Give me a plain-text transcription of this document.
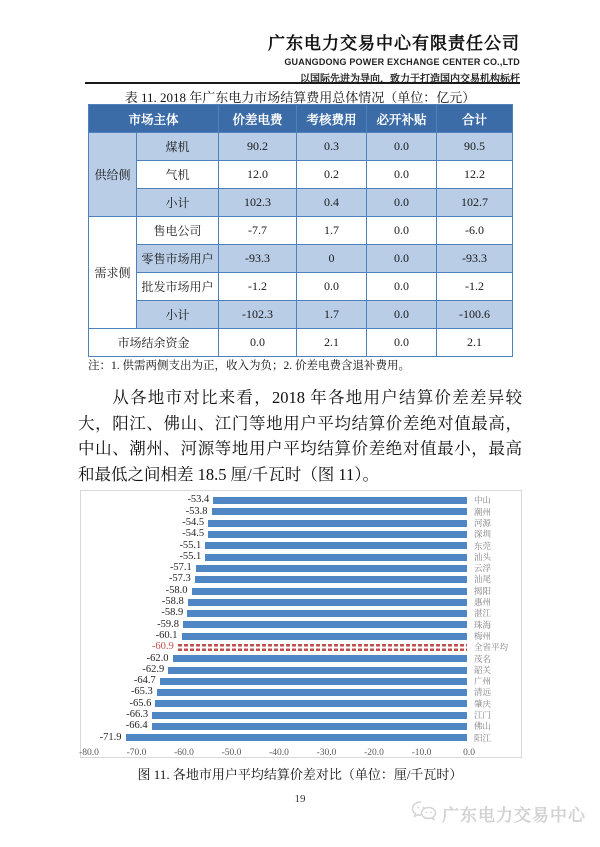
广东电力交易中心有限责任公司
GUANGDONG POWER EXCHANGE CENTER CO.,LTD
以国际先进为导向，致力于打造国内交易机构标杆
表 11. 2018 年广东电力市场结算费用总体情况（单位：亿元）
市场主体		价差电费	考核费用	必开补贴	合计
供给侧	煤机	90.2	0.3	0.0	90.5
	气机	12.0	0.2	0.0	12.2
	小计	102.3	0.4	0.0	102.7
需求侧	售电公司	-7.7	1.7	0.0	-6.0
	零售市场用户	-93.3	0	0.0	-93.3
	批发市场用户	-1.2	0.0	0.0	-1.2
	小计	-102.3	1.7	0.0	-100.6
市场结余资金		0.0	2.1	0.0	2.1
注：1. 供需两侧支出为正，收入为负；2. 价差电费含退补费用。
从各地市对比来看，2018 年各地用户结算价差差异较大，阳江、佛山、江门等地用户平均结算价差绝对值最高，中山、潮州、河源等地用户平均结算价差绝对值最小，最高和最低之间相差 18.5 厘/千瓦时（图 11）。
-53.4	中山
-53.8	潮州
-54.5	河源
-54.5	深圳
-55.1	东莞
-55.1	汕头
-57.1	云浮
-57.3	汕尾
-58.0	揭阳
-58.8	惠州
-58.9	湛江
-59.8	珠海
-60.1	梅州
-60.9	全省平均
-62.0	茂名
-62.9	韶关
-64.7	广州
-65.3	清远
-65.6	肇庆
-66.3	江门
-66.4	佛山
-71.9	阳江
-80.0	-70.0	-60.0	-50.0	-40.0	-30.0	-20.0	-10.0	0.0
图 11. 各地市用户平均结算价差对比（单位：厘/千瓦时）
19
广东电力交易中心
